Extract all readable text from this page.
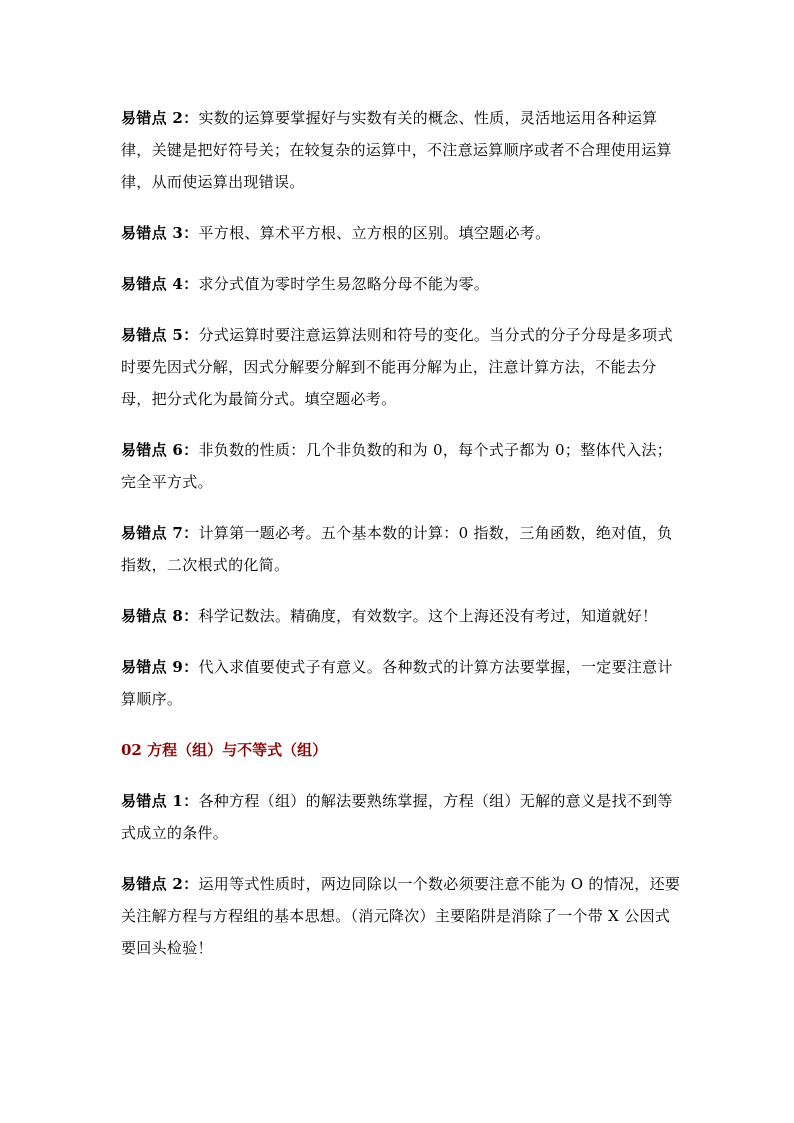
易错点 2：实数的运算要掌握好与实数有关的概念、性质，灵活地运用各种运算律，关键是把好符号关；在较复杂的运算中，不注意运算顺序或者不合理使用运算律，从而使运算出现错误。

易错点 3：平方根、算术平方根、立方根的区别。填空题必考。

易错点 4：求分式值为零时学生易忽略分母不能为零。

易错点 5：分式运算时要注意运算法则和符号的变化。当分式的分子分母是多项式时要先因式分解，因式分解要分解到不能再分解为止，注意计算方法，不能去分母，把分式化为最简分式。填空题必考。

易错点 6：非负数的性质：几个非负数的和为 0，每个式子都为 0；整体代入法；完全平方式。

易错点 7：计算第一题必考。五个基本数的计算：0 指数，三角函数，绝对值，负指数，二次根式的化简。

易错点 8：科学记数法。精确度，有效数字。这个上海还没有考过，知道就好！

易错点 9：代入求值要使式子有意义。各种数式的计算方法要掌握，一定要注意计算顺序。

02 方程（组）与不等式（组）

易错点 1：各种方程（组）的解法要熟练掌握，方程（组）无解的意义是找不到等式成立的条件。

易错点 2：运用等式性质时，两边同除以一个数必须要注意不能为 O 的情况，还要关注解方程与方程组的基本思想。（消元降次）主要陷阱是消除了一个带 X 公因式要回头检验！
